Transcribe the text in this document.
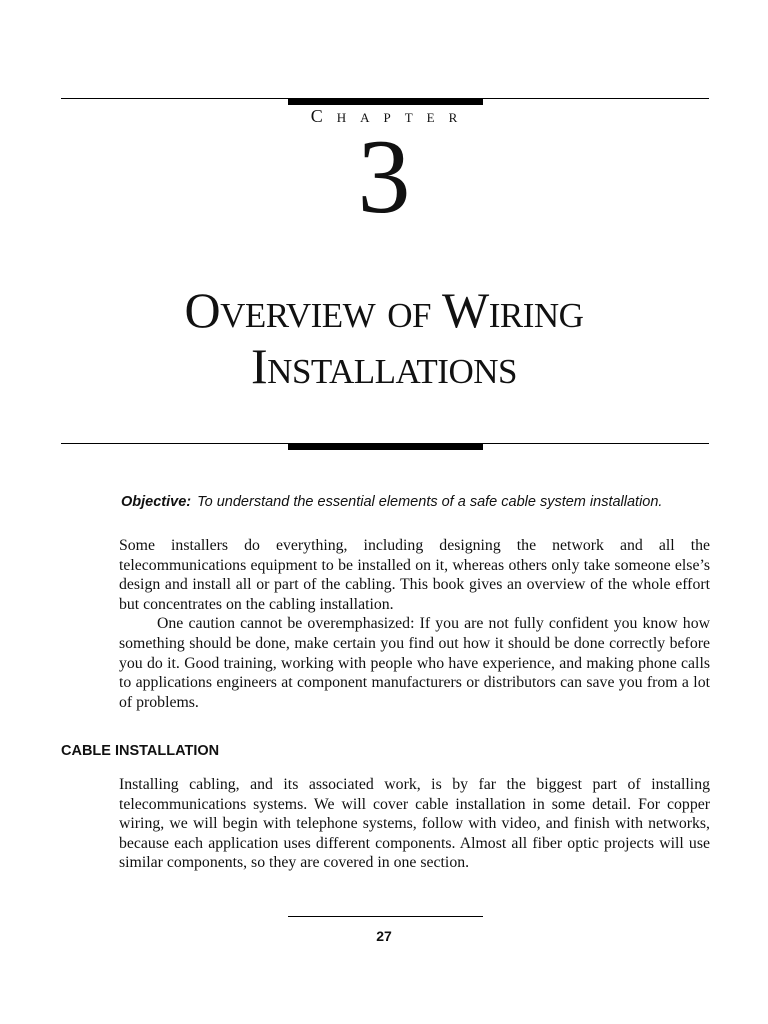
Chapter
3
Overview of Wiring
Installations
Objective: To understand the essential elements of a safe cable system installation.

Some installers do everything, including designing the network and all the telecommunications equipment to be installed on it, whereas others only take someone else’s design and install all or part of the cabling. This book gives an overview of the whole effort but concentrates on the cabling installation.

One caution cannot be overemphasized: If you are not fully confident you know how something should be done, make certain you find out how it should be done correctly before you do it. Good training, working with people who have experience, and making phone calls to applications engineers at component manufacturers or distributors can save you from a lot of problems.

CABLE INSTALLATION

Installing cabling, and its associated work, is by far the biggest part of installing telecommunications systems. We will cover cable installation in some detail. For copper wiring, we will begin with telephone systems, follow with video, and finish with networks, because each application uses different components. Almost all fiber optic projects will use similar components, so they are covered in one section.

27
